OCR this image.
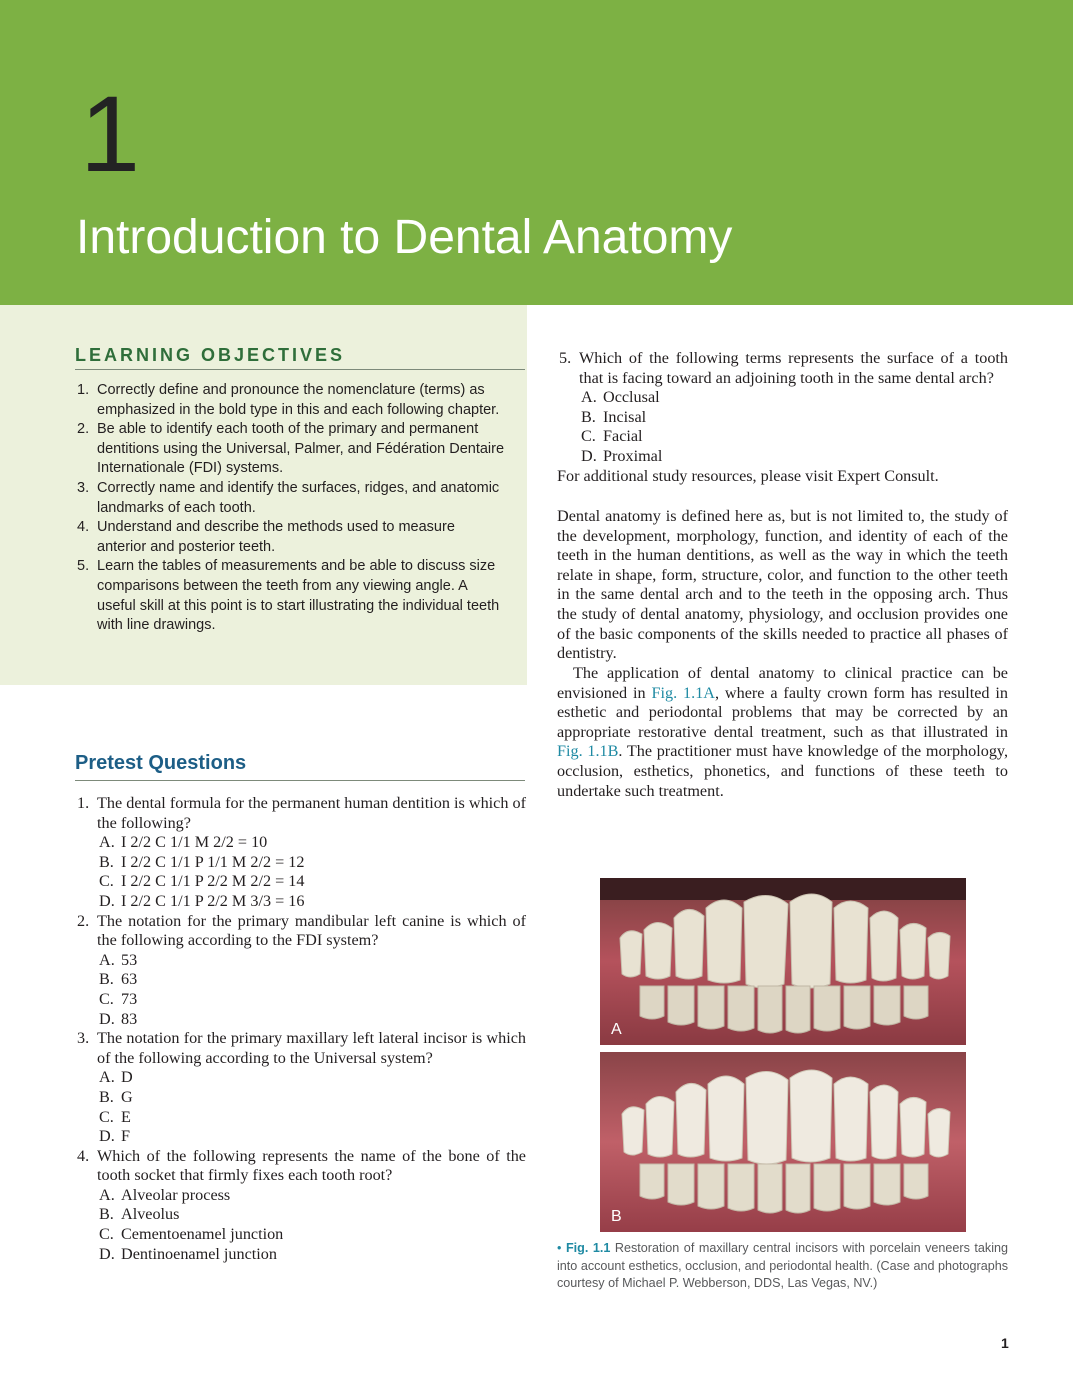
1
Introduction to Dental Anatomy
LEARNING OBJECTIVES
1. Correctly define and pronounce the nomenclature (terms) as emphasized in the bold type in this and each following chapter.
2. Be able to identify each tooth of the primary and permanent dentitions using the Universal, Palmer, and Fédération Dentaire Internationale (FDI) systems.
3. Correctly name and identify the surfaces, ridges, and anatomic landmarks of each tooth.
4. Understand and describe the methods used to measure anterior and posterior teeth.
5. Learn the tables of measurements and be able to discuss size comparisons between the teeth from any viewing angle. A useful skill at this point is to start illustrating the individual teeth with line drawings.
Pretest Questions
1. The dental formula for the permanent human dentition is which of the following?
A. I 2/2 C 1/1 M 2/2 = 10
B. I 2/2 C 1/1 P 1/1 M 2/2 = 12
C. I 2/2 C 1/1 P 2/2 M 2/2 = 14
D. I 2/2 C 1/1 P 2/2 M 3/3 = 16
2. The notation for the primary mandibular left canine is which of the following according to the FDI system?
A. 53
B. 63
C. 73
D. 83
3. The notation for the primary maxillary left lateral incisor is which of the following according to the Universal system?
A. D
B. G
C. E
D. F
4. Which of the following represents the name of the bone of the tooth socket that firmly fixes each tooth root?
A. Alveolar process
B. Alveolus
C. Cementoenamel junction
D. Dentinoenamel junction
5. Which of the following terms represents the surface of a tooth that is facing toward an adjoining tooth in the same dental arch?
A. Occlusal
B. Incisal
C. Facial
D. Proximal
For additional study resources, please visit Expert Consult.

Dental anatomy is defined here as, but is not limited to, the study of the development, morphology, function, and identity of each of the teeth in the human dentitions, as well as the way in which the teeth relate in shape, form, structure, color, and function to the other teeth in the same dental arch and to the teeth in the opposing arch. Thus the study of dental anatomy, physiology, and occlusion provides one of the basic components of the skills needed to practice all phases of dentistry.

The application of dental anatomy to clinical practice can be envisioned in Fig. 1.1A, where a faulty crown form has resulted in esthetic and periodontal problems that may be corrected by an appropriate restorative dental treatment, such as that illustrated in Fig. 1.1B. The practitioner must have knowledge of the morphology, occlusion, esthetics, phonetics, and functions of these teeth to undertake such treatment.

A
B
• Fig. 1.1 Restoration of maxillary central incisors with porcelain veneers taking into account esthetics, occlusion, and periodontal health. (Case and photographs courtesy of Michael P. Webberson, DDS, Las Vegas, NV.)
1
